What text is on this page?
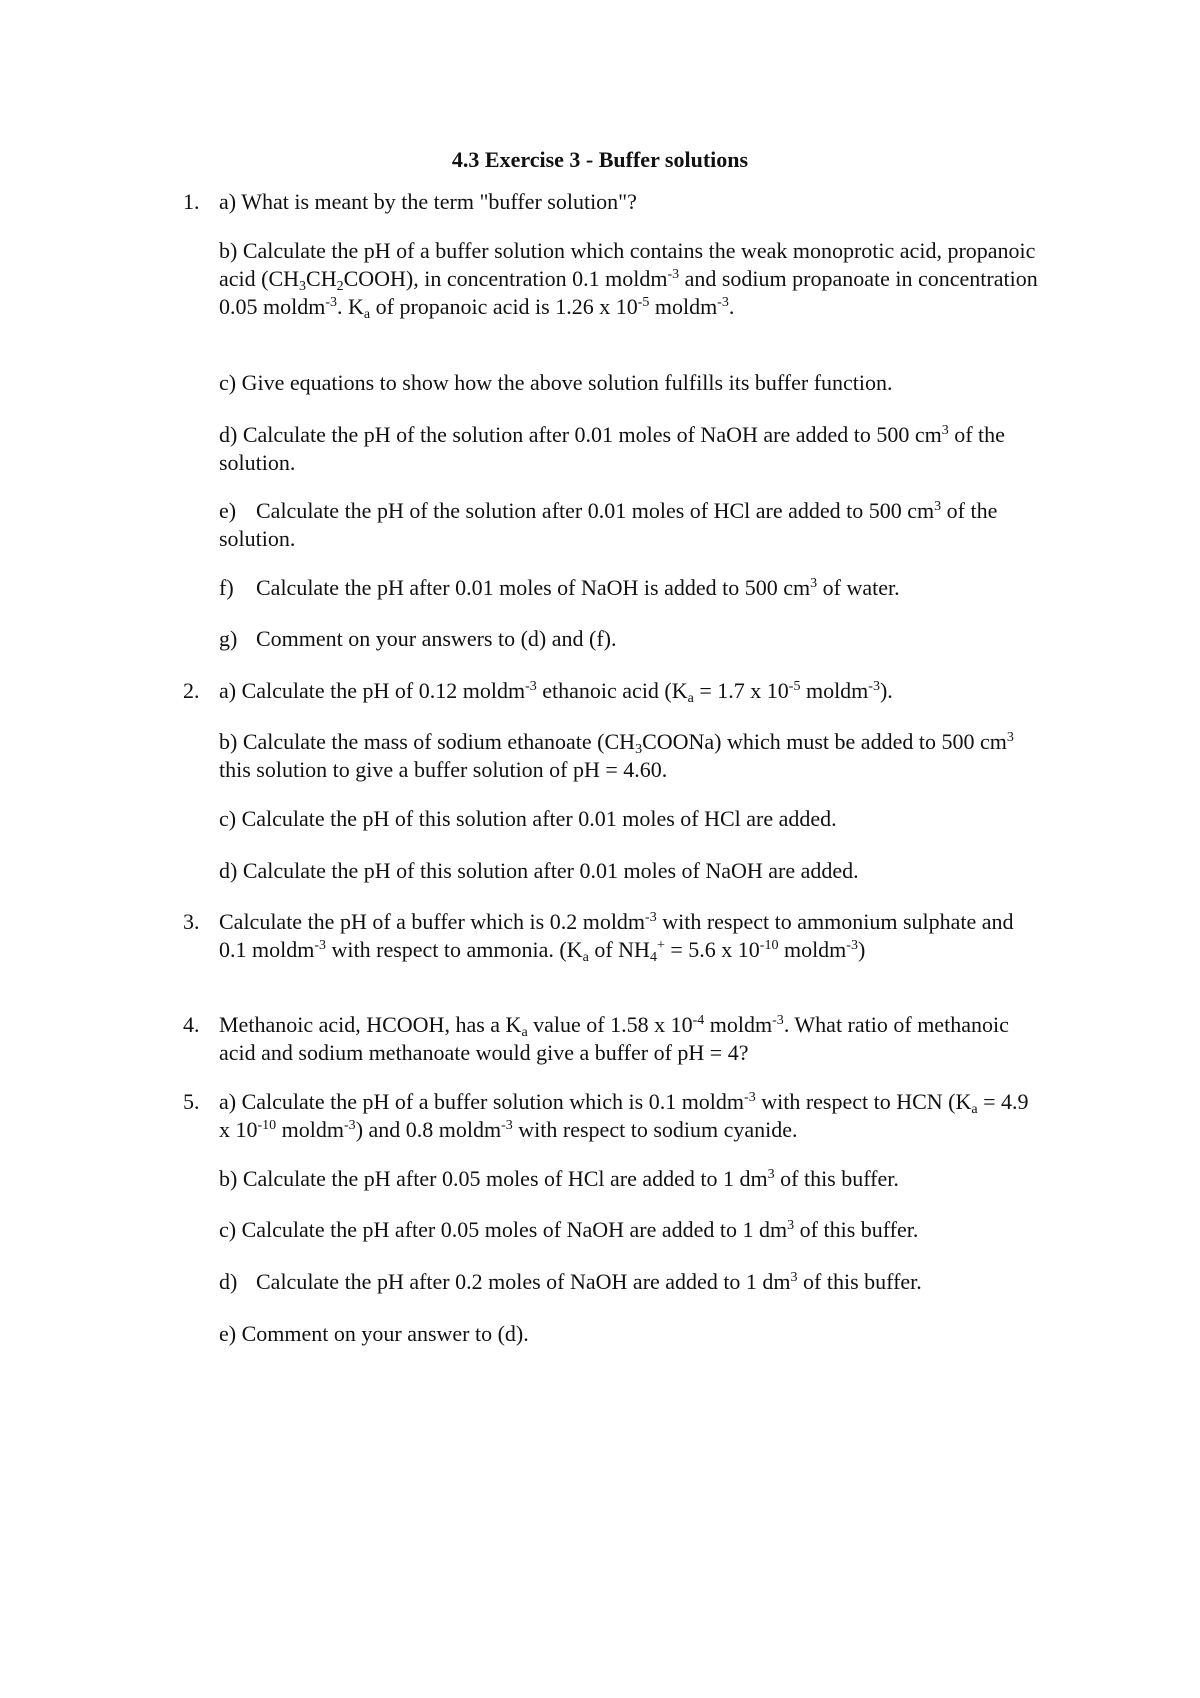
4.3 Exercise 3 - Buffer solutions
1. a) What is meant by the term "buffer solution"?
b) Calculate the pH of a buffer solution which contains the weak monoprotic acid, propanoic acid $(CH_3CH_2COOH)$, in concentration 0.1 moldm$^{-3}$ and sodium propanoate in concentration 0.05 moldm$^{-3}$. $K_a$ of propanoic acid is 1.26 x $10^{-5}$ moldm$^{-3}$.
c) Give equations to show how the above solution fulfills its buffer function.
d) Calculate the pH of the solution after 0.01 moles of NaOH are added to 500 $cm^3$ of the solution.
e) Calculate the pH of the solution after 0.01 moles of HCl are added to 500 $cm^3$ of the solution.
f) Calculate the pH after 0.01 moles of NaOH is added to 500 $cm^3$ of water.
g) Comment on your answers to (d) and (f).
2. a) Calculate the pH of 0.12 moldm$^{-3}$ ethanoic acid ($K_a = 1.7$ x $10^{-5}$ moldm$^{-3}$).
b) Calculate the mass of sodium ethanoate $(CH_3COONa)$ which must be added to 500 $cm^3$ this solution to give a buffer solution of pH = 4.60.
c) Calculate the pH of this solution after 0.01 moles of HCl are added.
d) Calculate the pH of this solution after 0.01 moles of NaOH are added.
3. Calculate the pH of a buffer which is 0.2 moldm$^{-3}$ with respect to ammonium sulphate and 0.1 moldm$^{-3}$ with respect to ammonia. ($K_a$ of $NH_4^+ = 5.6$ x $10^{-10}$ moldm$^{-3}$)
4. Methanoic acid, HCOOH, has a $K_a$ value of 1.58 x $10^{-4}$ moldm$^{-3}$. What ratio of methanoic acid and sodium methanoate would give a buffer of pH = 4?
5. a) Calculate the pH of a buffer solution which is 0.1 moldm$^{-3}$ with respect to HCN ($K_a = 4.9$ x $10^{-10}$ moldm$^{-3}$) and 0.8 moldm$^{-3}$ with respect to sodium cyanide.
b) Calculate the pH after 0.05 moles of HCl are added to 1 $dm^3$ of this buffer.
c) Calculate the pH after 0.05 moles of NaOH are added to 1 $dm^3$ of this buffer.
d) Calculate the pH after 0.2 moles of NaOH are added to 1 $dm^3$ of this buffer.
e) Comment on your answer to (d).
